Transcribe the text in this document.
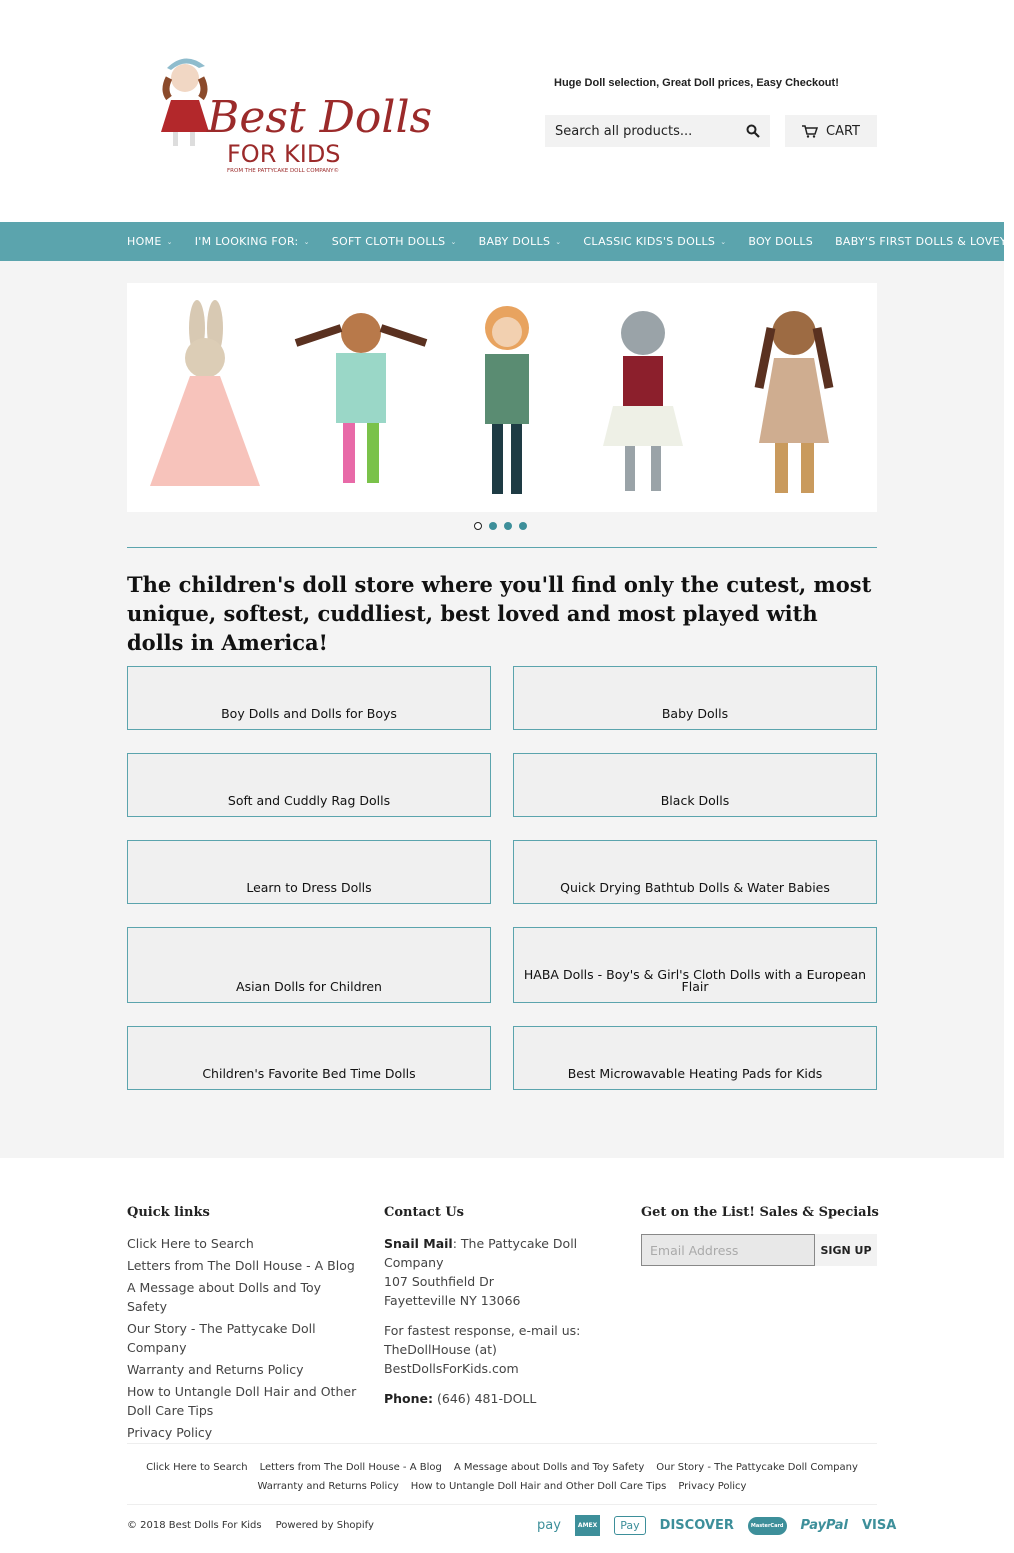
Best Dolls
FOR KIDS
FROM THE PATTYCAKE DOLL COMPANY©
Huge Doll selection, Great Doll prices, Easy Checkout!
Search all products...	CART
HOME ⌄ I'M LOOKING FOR: ⌄ SOFT CLOTH DOLLS ⌄ BABY DOLLS ⌄ CLASSIC KIDS'S DOLLS ⌄ BOY DOLLS BABY'S FIRST DOLLS & LOVEYS
The children's doll store where you'll find only the cutest, most unique, softest, cuddliest, best loved and most played with dolls in America!
Boy Dolls and Dolls for Boys	Baby Dolls
Soft and Cuddly Rag Dolls	Black Dolls
Learn to Dress Dolls	Quick Drying Bathtub Dolls & Water Babies
Asian Dolls for Children
HABA Dolls - Boy's & Girl's Cloth Dolls with a European Flair
Children's Favorite Bed Time Dolls	Best Microwavable Heating Pads for Kids
Quick links
Click Here to Search
Letters from The Doll House - A Blog
A Message about Dolls and Toy Safety
Our Story - The Pattycake Doll Company
Warranty and Returns Policy
How to Untangle Doll Hair and Other Doll Care Tips
Privacy Policy
Contact Us

Snail Mail: The Pattycake Doll Company
107 Southfield Dr
Fayetteville NY 13066

For fastest response, e-mail us:
TheDollHouse (at) BestDollsForKids.com

Phone: (646) 481-DOLL

Get on the List! Sales & Specials
Email Address	SIGN UP
Click Here to Search Letters from The Doll House - A Blog A Message about Dolls and Toy Safety Our Story - The Pattycake Doll Company
Warranty and Returns Policy How to Untangle Doll Hair and Other Doll Care Tips Privacy Policy
© 2018 Best Dolls For Kids Powered by Shopify	pay	AMEX	Pay	DISCOVER	MasterCard PayPal VISA
